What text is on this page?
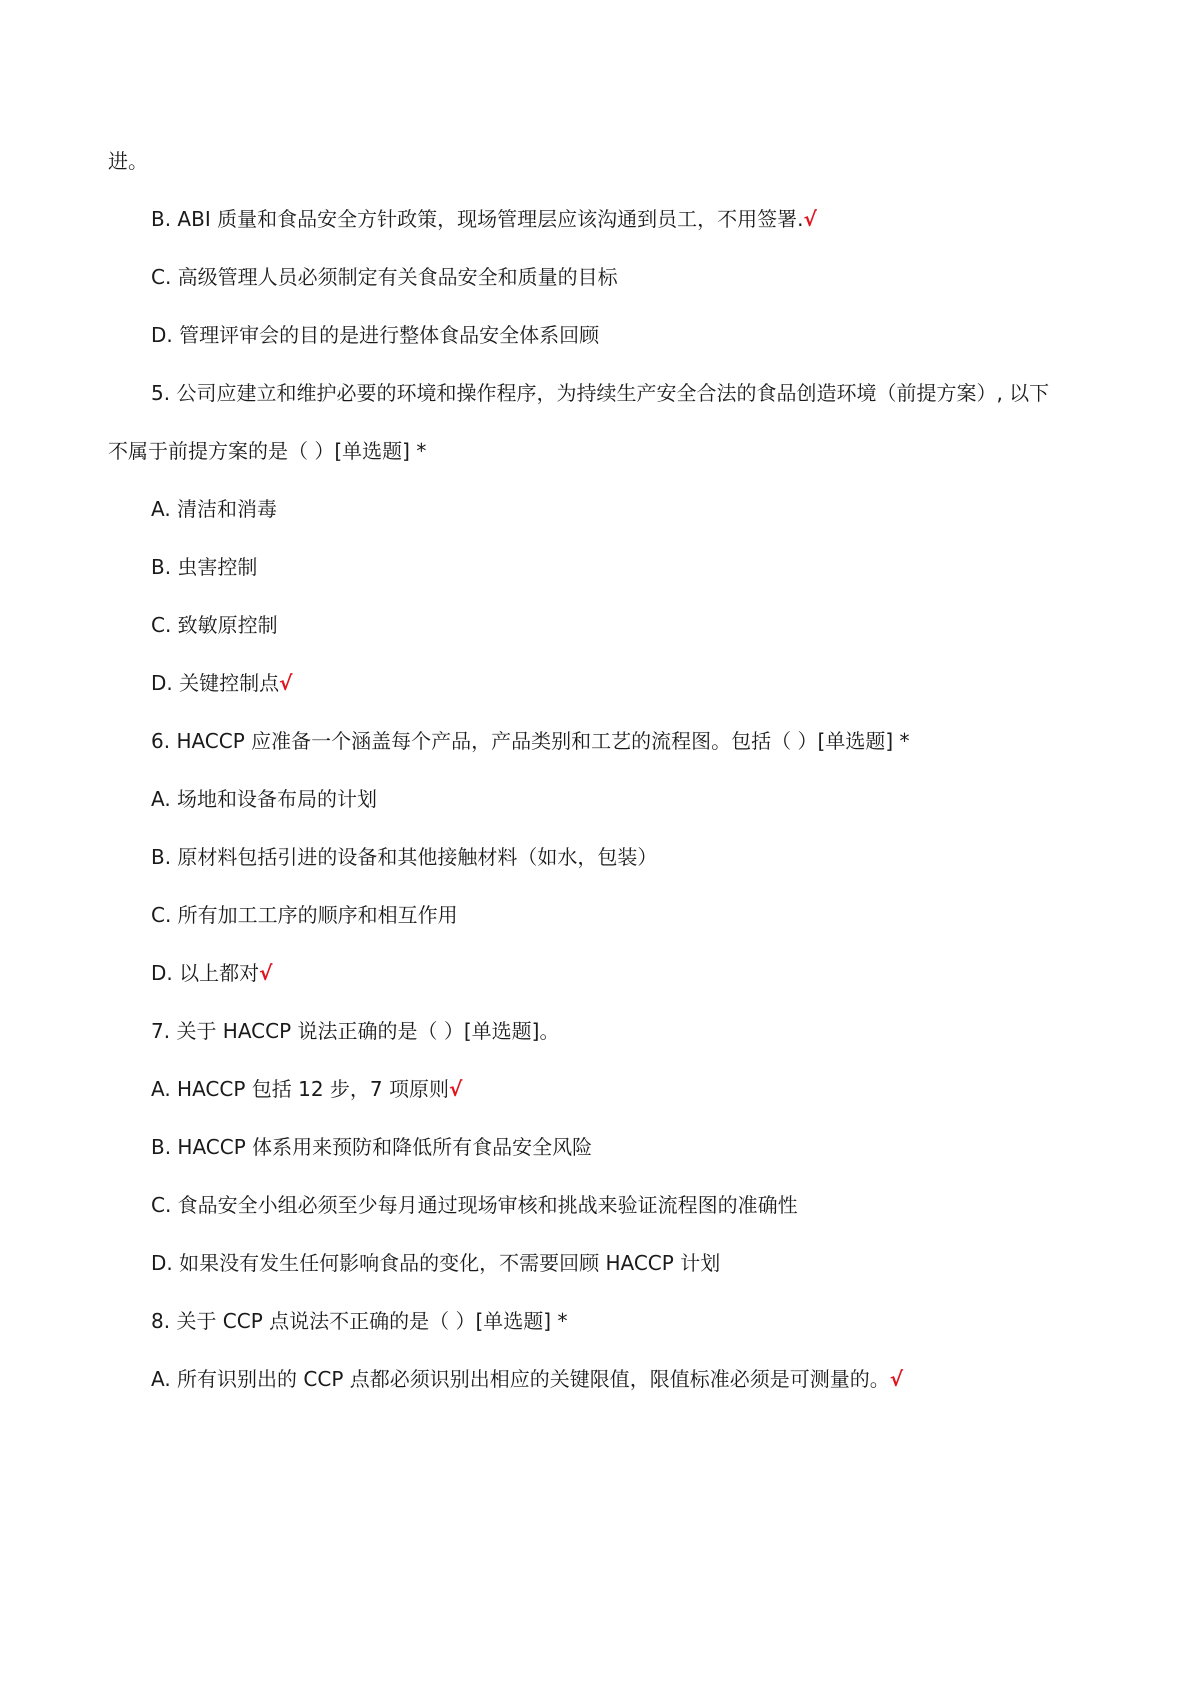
进。
B. ABI 质量和食品安全方针政策，现场管理层应该沟通到员工，不用签署.√
C. 高级管理人员必须制定有关食品安全和质量的目标
D. 管理评审会的目的是进行整体食品安全体系回顾
5. 公司应建立和维护必要的环境和操作程序，为持续生产安全合法的食品创造环境（前提方案）, 以下
不属于前提方案的是（ ）[单选题] *
A. 清洁和消毒
B. 虫害控制
C. 致敏原控制
D. 关键控制点√
6. HACCP 应准备一个涵盖每个产品，产品类别和工艺的流程图。包括（ ）[单选题] *
A. 场地和设备布局的计划
B. 原材料包括引进的设备和其他接触材料（如水，包装）
C. 所有加工工序的顺序和相互作用
D. 以上都对√
7. 关于 HACCP 说法正确的是（ ）[单选题]。
A. HACCP 包括 12 步，7 项原则√
B. HACCP 体系用来预防和降低所有食品安全风险
C. 食品安全小组必须至少每月通过现场审核和挑战来验证流程图的准确性
D. 如果没有发生任何影响食品的变化，不需要回顾 HACCP 计划
8. 关于 CCP 点说法不正确的是（ ）[单选题] *
A. 所有识别出的 CCP 点都必须识别出相应的关键限值，限值标准必须是可测量的。√
